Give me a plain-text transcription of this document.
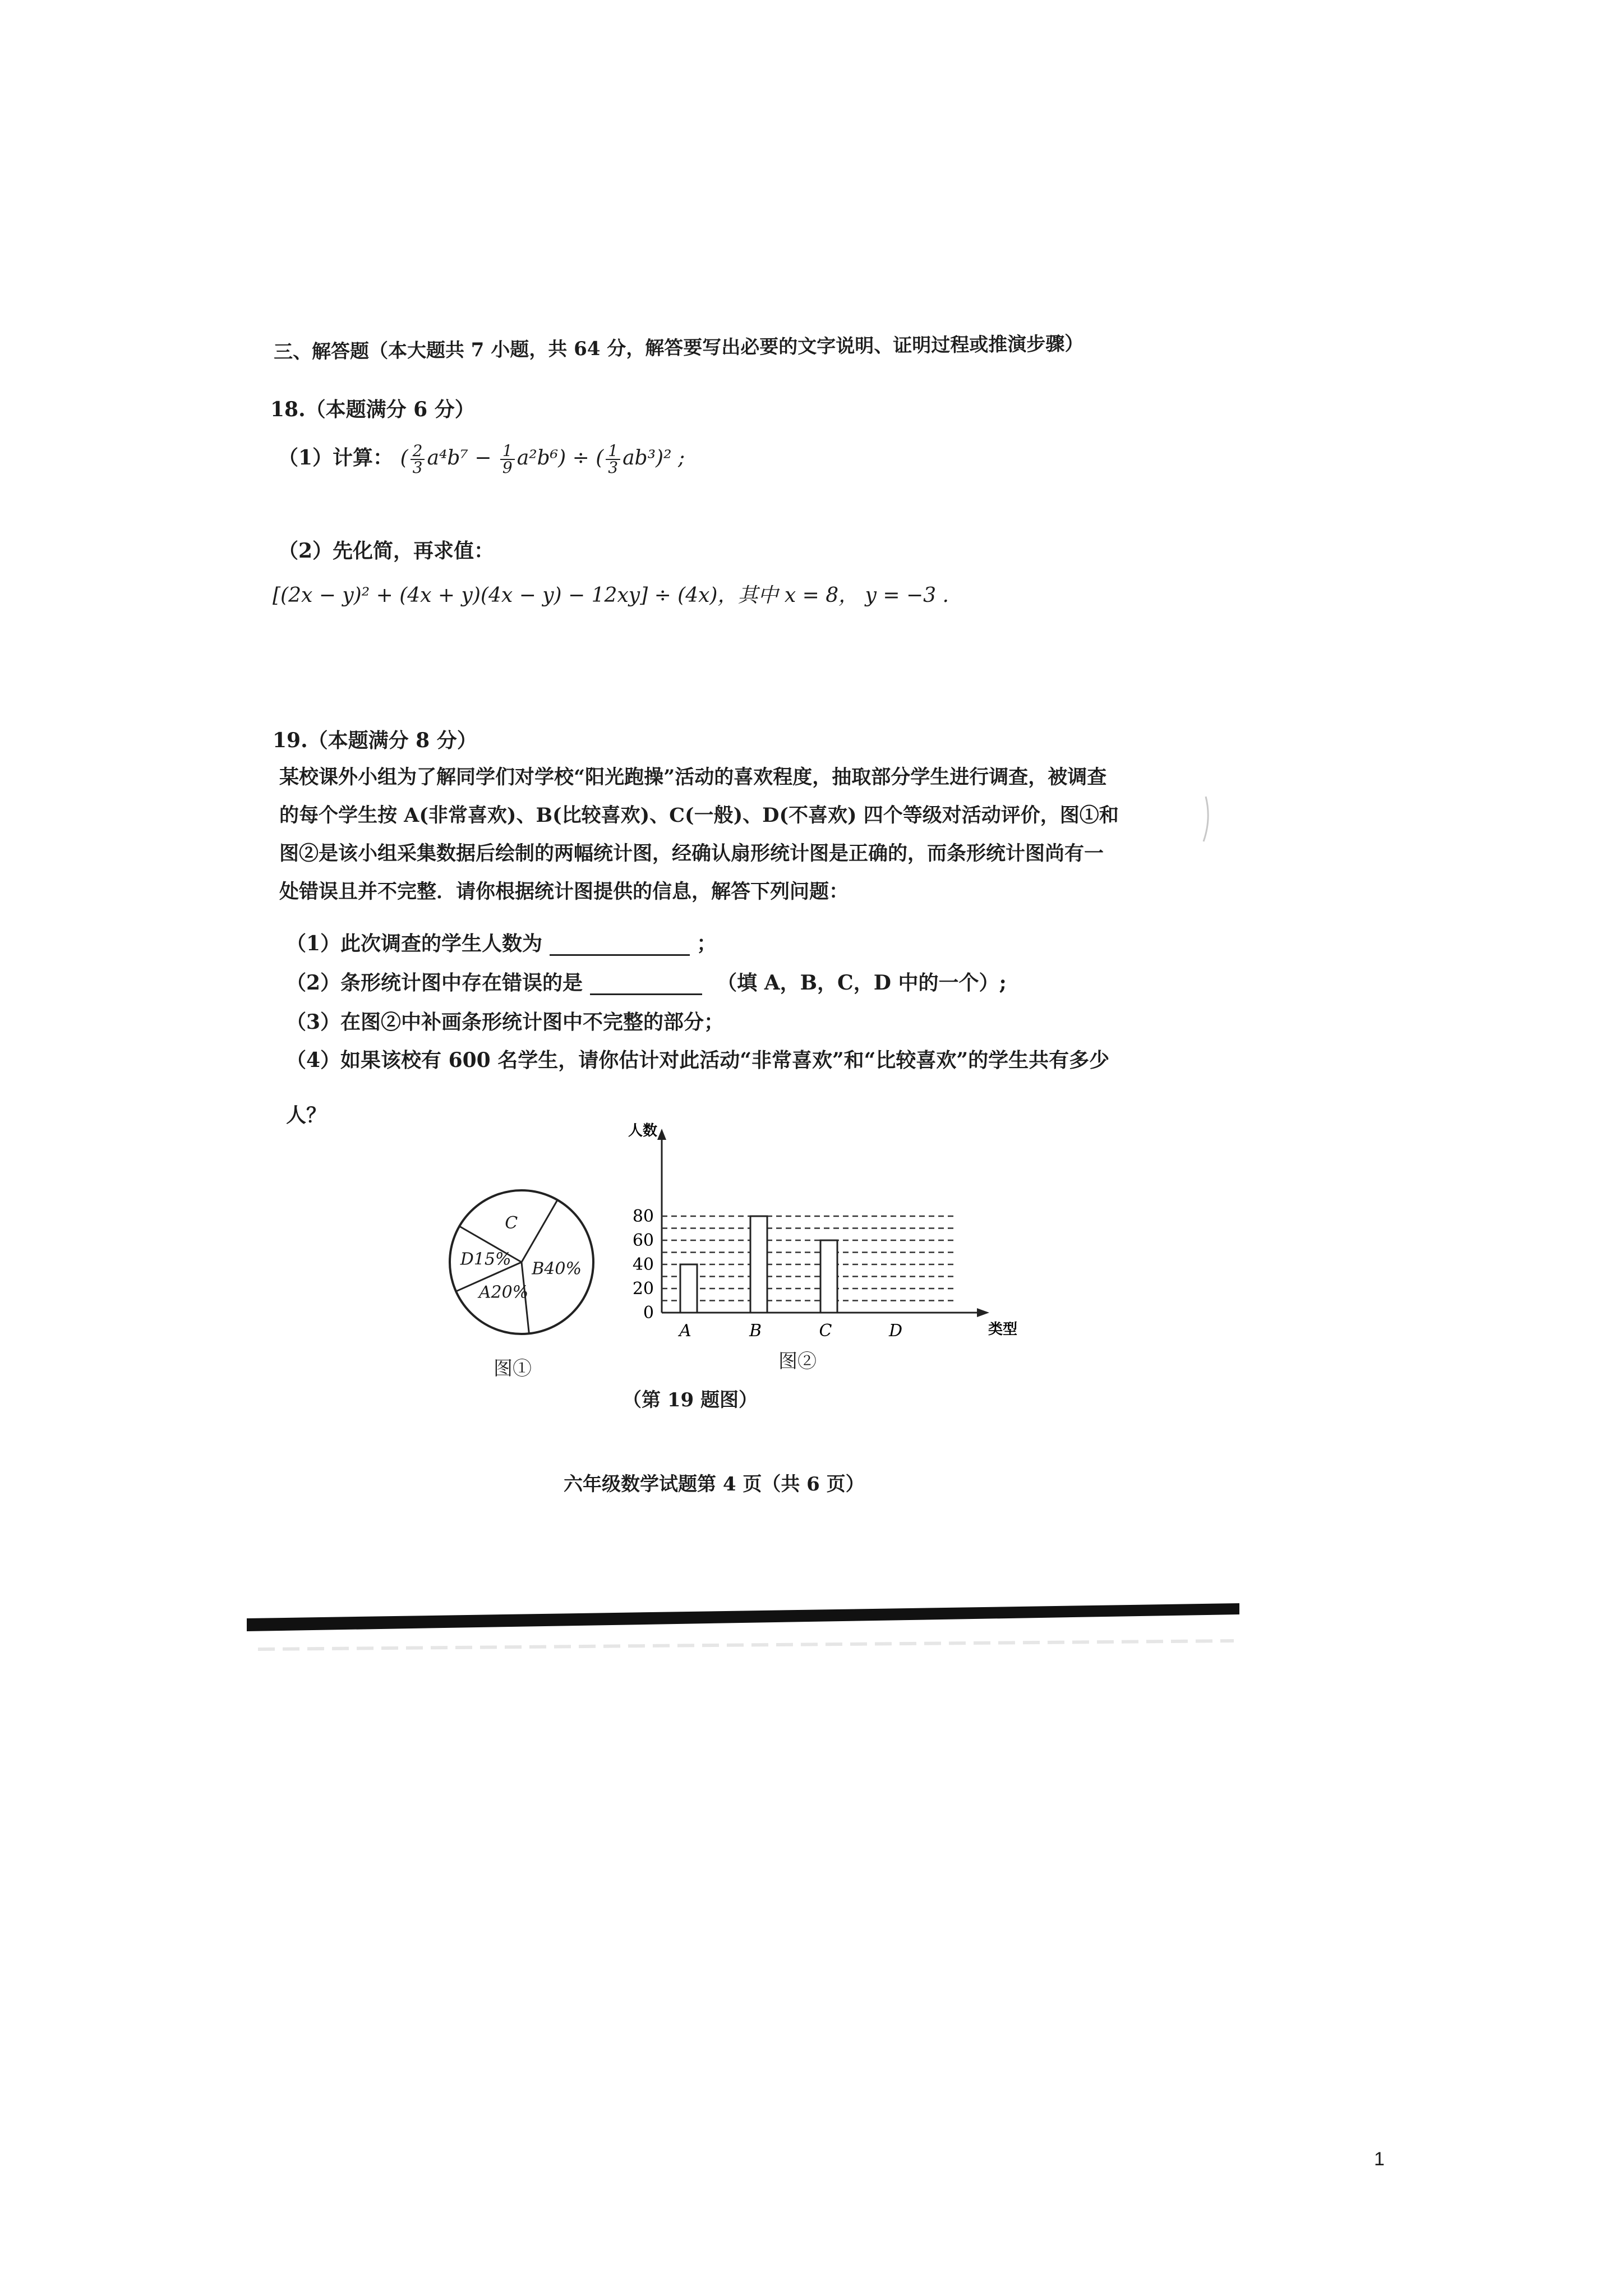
三、解答题（本大题共 7 小题，共 64 分，解答要写出必要的文字说明、证明过程或推演步骤）
18.（本题满分 6 分）
（1）计算： ( $\frac{2}{3} a^4b^7 - \frac{1}{9} a^2b^6$) ÷ ( $\frac{1}{3} ab^3)^2$ ;
（2）先化简，再求值：
[(2x − y)² + (4x + y)(4x − y) − 12xy] ÷ (4x)，其中 x = 8， y = −3 .
19.（本题满分 8 分）
某校课外小组为了解同学们对学校“阳光跑操”活动的喜欢程度，抽取部分学生进行调查，被调查
的每个学生按 A(非常喜欢)、B(比较喜欢)、C(一般)、D(不喜欢) 四个等级对活动评价，图①和
图②是该小组采集数据后绘制的两幅统计图，经确认扇形统计图是正确的，而条形统计图尚有一
处错误且并不完整．请你根据统计图提供的信息，解答下列问题：
（1）此次调查的学生人数为	；
（2）条形统计图中存在错误的是	（填 A，B，C，D 中的一个）;
（3）在图②中补画条形统计图中不完整的部分；
（4）如果该校有 600 名学生，请你估计对此活动“非常喜欢”和“比较喜欢”的学生共有多少
人？
C
B40%
A20%
D15%
图①
人数
类型
0
20
40
60
80
A	B	C	D
图②
（第 19 题图）
六年级数学试题第 4 页（共 6 页）
1
